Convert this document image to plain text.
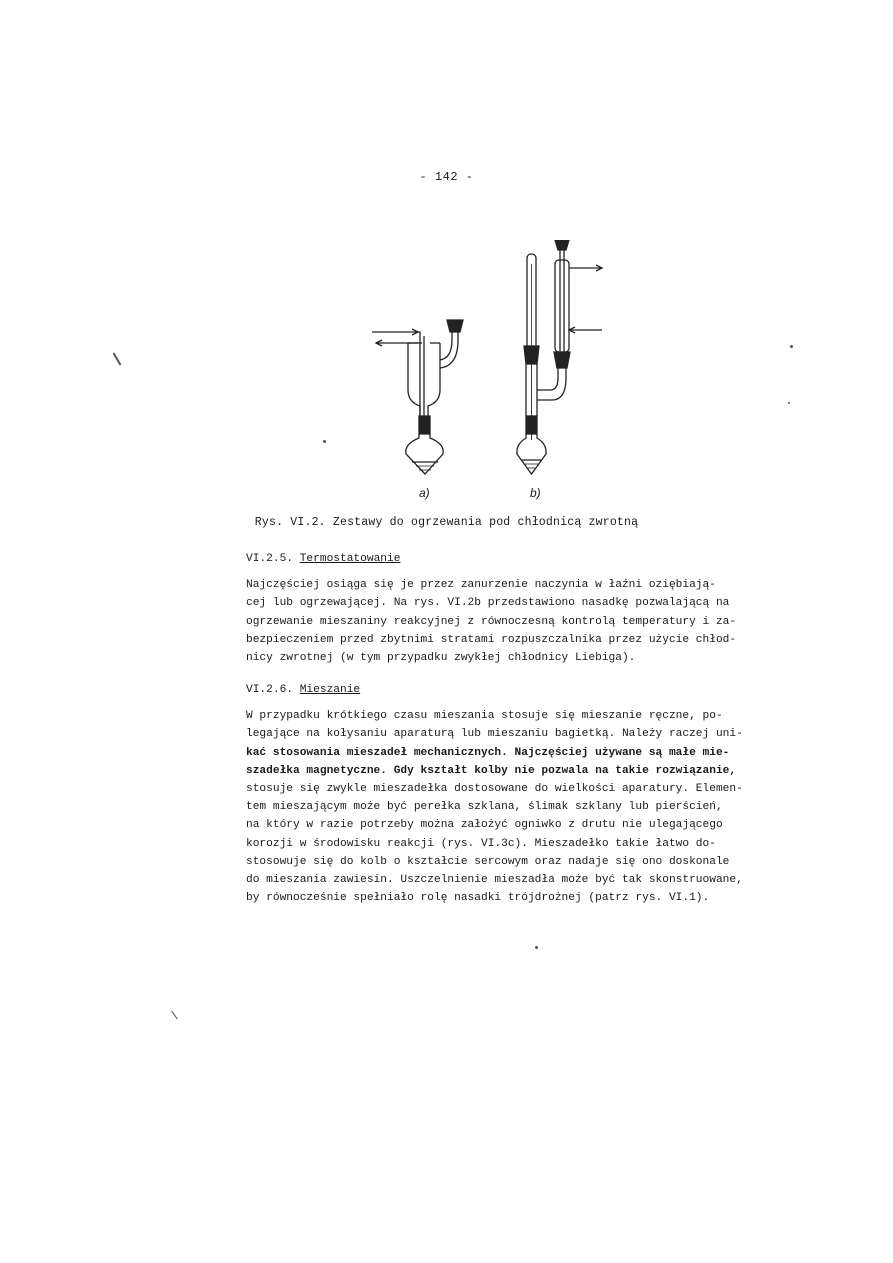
- 142 -
a)	b)
Rys. VI.2. Zestawy do ogrzewania pod chłodnicą zwrotną
VI.2.5. Termostatowanie

Najczęściej osiąga się je przez zanurzenie naczynia w łaźni oziębiają-
cej lub ogrzewającej. Na rys. VI.2b przedstawiono nasadkę pozwalającą na
ogrzewanie mieszaniny reakcyjnej z równoczesną kontrolą temperatury i za-
bezpieczeniem przed zbytnimi stratami rozpuszczalnika przez użycie chłod-
nicy zwrotnej (w tym przypadku zwykłej chłodnicy Liebiga).

VI.2.6. Mieszanie

W przypadku krótkiego czasu mieszania stosuje się mieszanie ręczne, po-
legające na kołysaniu aparaturą lub mieszaniu bagietką. Należy raczej uni-
kać stosowania mieszadeł mechanicznych. Najczęściej używane są małe mie-
szadełka magnetyczne. Gdy kształt kolby nie pozwala na takie rozwiązanie,
stosuje się zwykle mieszadełka dostosowane do wielkości aparatury. Elemen-
tem mieszającym może być perełka szklana, ślimak szklany lub pierścień,
na który w razie potrzeby można założyć ogniwko z drutu nie ulegającego
korozji w środowisku reakcji (rys. VI.3c). Mieszadełko takie łatwo do-
stosowuje się do kolb o kształcie sercowym oraz nadaje się ono doskonale
do mieszania zawiesin. Uszczelnienie mieszadła może być tak skonstruowane,
by równocześnie spełniało rolę nasadki trójdrożnej (patrz rys. VI.1).
